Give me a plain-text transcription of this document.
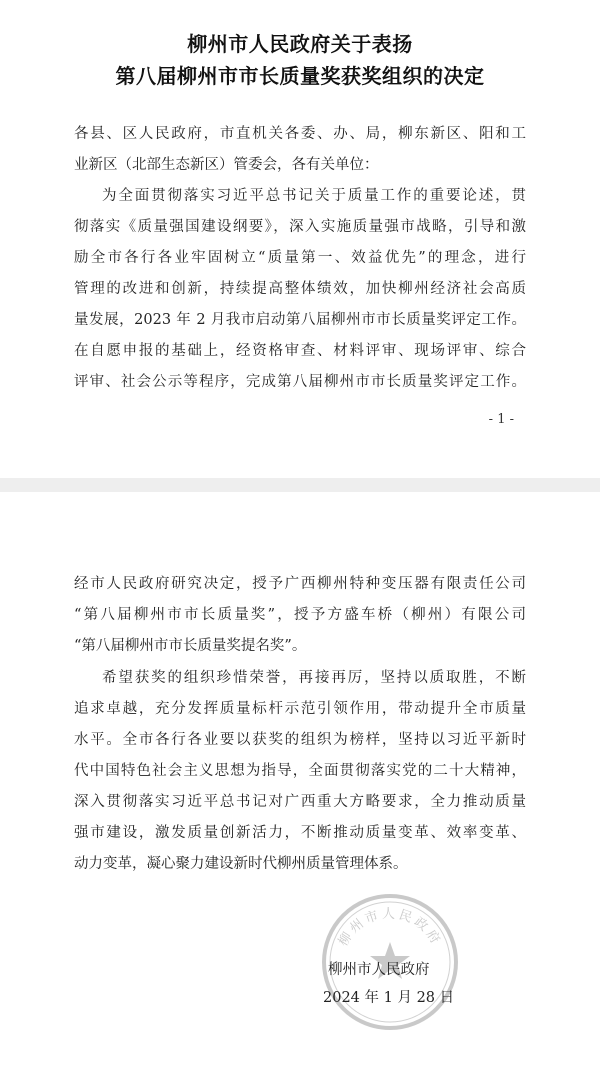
柳州市人民政府关于表扬
第八届柳州市市长质量奖获奖组织的决定
各县、区人民政府，市直机关各委、办、局，柳东新区、阳和工
业新区（北部生态新区）管委会，各有关单位：
为全面贯彻落实习近平总书记关于质量工作的重要论述，贯
彻落实《质量强国建设纲要》，深入实施质量强市战略，引导和激
励全市各行各业牢固树立“质量第一、效益优先”的理念，进行
管理的改进和创新，持续提高整体绩效，加快柳州经济社会高质
量发展，2023 年 2 月我市启动第八届柳州市市长质量奖评定工作。
在自愿申报的基础上，经资格审查、材料评审、现场评审、综合
评审、社会公示等程序，完成第八届柳州市市长质量奖评定工作。
- 1 -
经市人民政府研究决定，授予广西柳州特种变压器有限责任公司
“第八届柳州市市长质量奖”，授予方盛车桥（柳州）有限公司
“第八届柳州市市长质量奖提名奖”。
希望获奖的组织珍惜荣誉，再接再厉，坚持以质取胜，不断
追求卓越，充分发挥质量标杆示范引领作用，带动提升全市质量
水平。全市各行各业要以获奖的组织为榜样，坚持以习近平新时
代中国特色社会主义思想为指导，全面贯彻落实党的二十大精神，
深入贯彻落实习近平总书记对广西重大方略要求，全力推动质量
强市建设，激发质量创新活力，不断推动质量变革、效率变革、
动力变革，凝心聚力建设新时代柳州质量管理体系。
柳州市人民政府
柳州市人民政府
2024 年 1 月 28 日
